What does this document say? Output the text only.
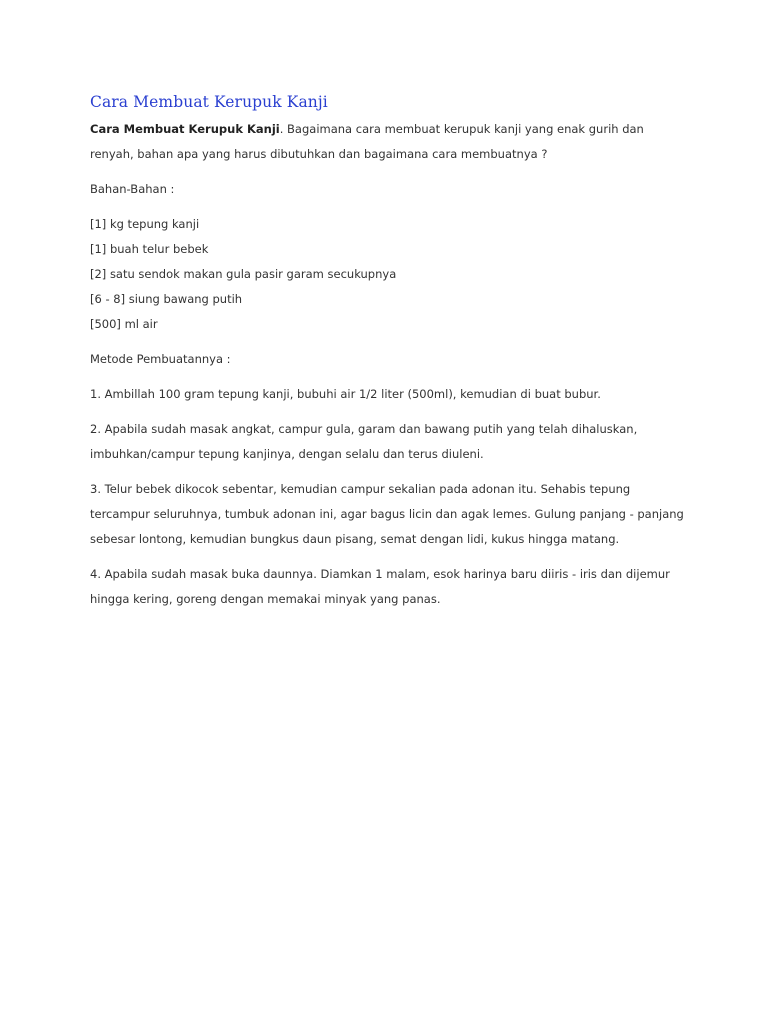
Cara Membuat Kerupuk Kanji

Cara Membuat Kerupuk Kanji. Bagaimana cara membuat kerupuk kanji yang enak gurih dan renyah, bahan apa yang harus dibutuhkan dan bagaimana cara membuatnya ?

Bahan-Bahan :

[1] kg tepung kanji

[1] buah telur bebek

[2] satu sendok makan gula pasir garam secukupnya

[6 - 8] siung bawang putih

[500] ml air

Metode Pembuatannya :

1. Ambillah 100 gram tepung kanji, bubuhi air 1/2 liter (500ml), kemudian di buat bubur.

2. Apabila sudah masak angkat, campur gula, garam dan bawang putih yang telah dihaluskan, imbuhkan/campur tepung kanjinya, dengan selalu dan terus diuleni.

3. Telur bebek dikocok sebentar, kemudian campur sekalian pada adonan itu. Sehabis tepung tercampur seluruhnya, tumbuk adonan ini, agar bagus licin dan agak lemes. Gulung panjang - panjang sebesar lontong, kemudian bungkus daun pisang, semat dengan lidi, kukus hingga matang.

4. Apabila sudah masak buka daunnya. Diamkan 1 malam, esok harinya baru diiris - iris dan dijemur hingga kering, goreng dengan memakai minyak yang panas.
